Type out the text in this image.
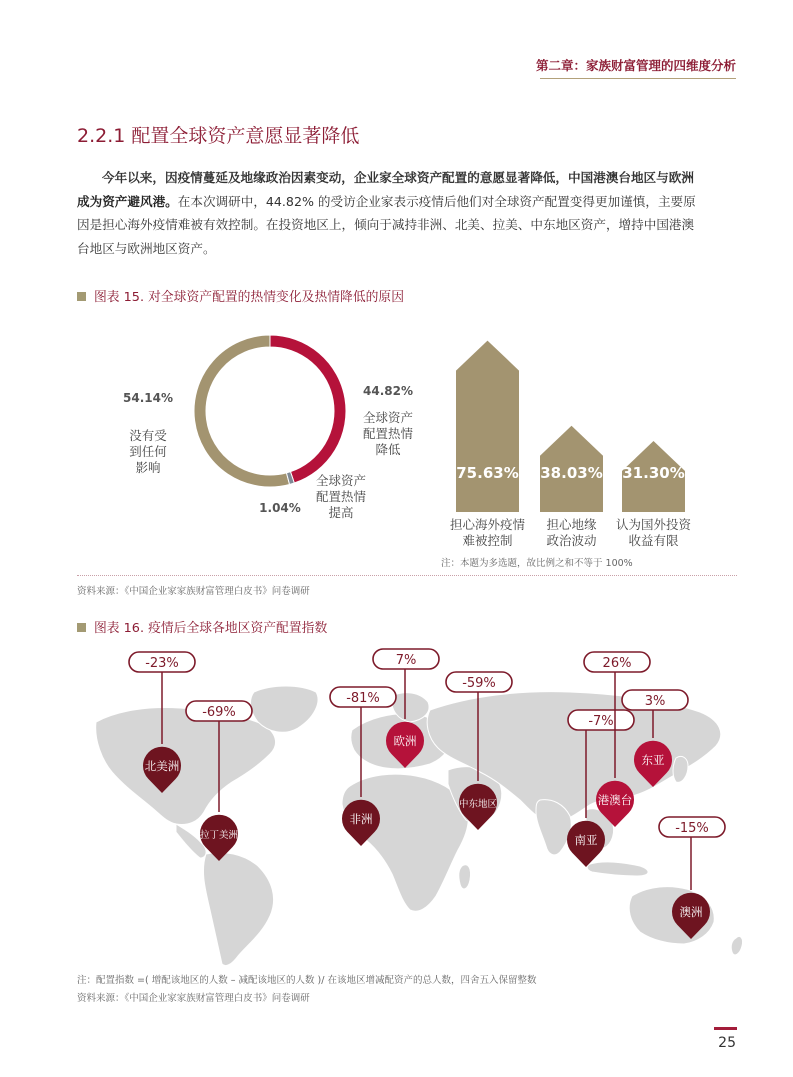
第二章：家族财富管理的四维度分析
2.2.1 配置全球资产意愿显著降低
今年以来，因疫情蔓延及地缘政治因素变动，企业家全球资产配置的意愿显著降低，中国港澳台地区与欧洲
成为资产避风港。在本次调研中，44.82% 的受访企业家表示疫情后他们对全球资产配置变得更加谨慎，主要原
因是担心海外疫情难被有效控制。在投资地区上，倾向于减持非洲、北美、拉美、中东地区资产，增持中国港澳
台地区与欧洲地区资产。
图表 15. 对全球资产配置的热情变化及热情降低的原因
54.14%
没有受
到任何
影响
44.82%
全球资产
配置热情
降低
1.04%
全球资产
配置热情
提高
75.63%
担心海外疫情
难被控制
38.03%
担心地缘
政治波动
31.30%
认为国外投资
收益有限
注：本题为多选题，故比例之和不等于 100%
资料来源：《中国企业家家族财富管理白皮书》问卷调研
图表 16. 疫情后全球各地区资产配置指数
-23%
北美洲
-69%
拉丁美洲
-81%
非洲
7%
欧洲
-59%
中东地区
-7%
南亚
26%
港澳台
3%
东亚
-15%
澳洲
注：配置指数 =( 增配该地区的人数 – 减配该地区的人数 )/ 在该地区增减配资产的总人数，四舍五入保留整数
资料来源：《中国企业家家族财富管理白皮书》问卷调研
25
